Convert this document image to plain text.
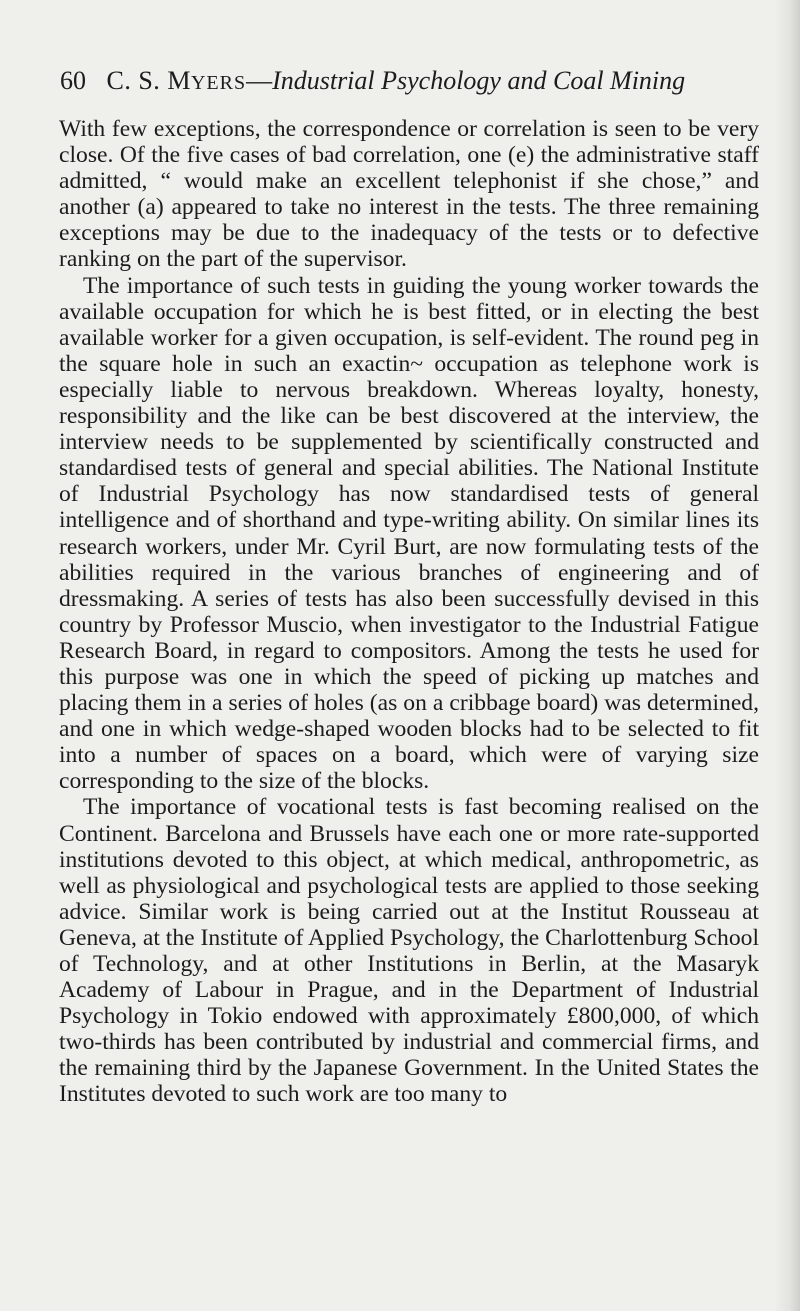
60 C. S. MYERS—Industrial Psychology and Coal Mining

With few exceptions, the correspondence or correlation is seen to be very close. Of the five cases of bad correlation, one (e) the administrative staff admitted, “ would make an excellent telephonist if she chose,” and another (a) appeared to take no interest in the tests. The three remaining exceptions may be due to the inadequacy of the tests or to defective ranking on the part of the supervisor.

The importance of such tests in guiding the young worker towards the available occupation for which he is best fitted, or in electing the best available worker for a given occupation, is self-evident. The round peg in the square hole in such an exactin~ occupation as telephone work is especially liable to nervous breakdown. Whereas loyalty, honesty, responsibility and the like can be best discovered at the interview, the interview needs to be supplemented by scientifically constructed and standardised tests of general and special abilities. The National Institute of Industrial Psychology has now standardised tests of general intelligence and of shorthand and type-writing ability. On similar lines its research workers, under Mr. Cyril Burt, are now formulating tests of the abilities required in the various branches of engineering and of dressmaking. A series of tests has also been successfully devised in this country by Professor Muscio, when investigator to the Industrial Fatigue Research Board, in regard to compositors. Among the tests he used for this purpose was one in which the speed of picking up matches and placing them in a series of holes (as on a cribbage board) was determined, and one in which wedge-shaped wooden blocks had to be selected to fit into a number of spaces on a board, which were of varying size corresponding to the size of the blocks.

The importance of vocational tests is fast becoming realised on the Continent. Barcelona and Brussels have each one or more rate-supported institutions devoted to this object, at which medical, anthropometric, as well as physiological and psychological tests are applied to those seeking advice. Similar work is being carried out at the Institut Rousseau at Geneva, at the Institute of Applied Psychology, the Charlottenburg School of Technology, and at other Institutions in Berlin, at the Masaryk Academy of Labour in Prague, and in the Department of Industrial Psychology in Tokio endowed with approximately £800,000, of which two-thirds has been contributed by industrial and commercial firms, and the remaining third by the Japanese Government. In the United States the Institutes devoted to such work are too many to
